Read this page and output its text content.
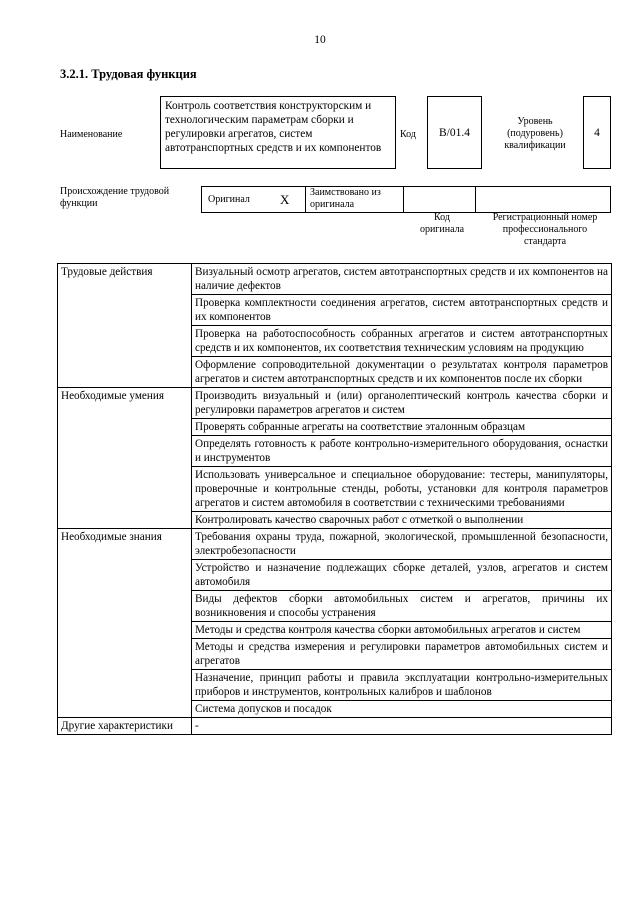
10
3.2.1. Трудовая функция
Наименование
Контроль соответствия конструкторским и технологическим параметрам сборки и регулировки агрегатов, систем автотранспортных средств и их компонентов
Код	B/01.4
Уровень (подуровень) квалификации
4
Происхождение трудовой функции	Оригинал X Заимствовано из оригинала
Код оригинала
Регистрационный номер профессионального стандарта
Трудовые действия	Визуальный осмотр агрегатов, систем автотранспортных средств и их компонентов на наличие дефектов
	Проверка комплектности соединения агрегатов, систем автотранспортных средств и их компонентов
	Проверка на работоспособность собранных агрегатов и систем автотранспортных средств и их компонентов, их соответствия техническим условиям на продукцию
	Оформление сопроводительной документации о результатах контроля параметров агрегатов и систем автотранспортных средств и их компонентов после их сборки
Необходимые умения	Производить визуальный и (или) органолептический контроль качества сборки и регулировки параметров агрегатов и систем
	Проверять собранные агрегаты на соответствие эталонным образцам
	Определять готовность к работе контрольно-измерительного оборудования, оснастки и инструментов
	Использовать универсальное и специальное оборудование: тестеры, манипуляторы, проверочные и контрольные стенды, роботы, установки для контроля параметров агрегатов и систем автомобиля в соответствии с техническими требованиями
	Контролировать качество сварочных работ с отметкой о выполнении
Необходимые знания	Требования охраны труда, пожарной, экологической, промышленной безопасности, электробезопасности
	Устройство и назначение подлежащих сборке деталей, узлов, агрегатов и систем автомобиля
	Виды дефектов сборки автомобильных систем и агрегатов, причины их возникновения и способы устранения
	Методы и средства контроля качества сборки автомобильных агрегатов и систем
	Методы и средства измерения и регулировки параметров автомобильных систем и агрегатов
	Назначение, принцип работы и правила эксплуатации контрольно-измерительных приборов и инструментов, контрольных калибров и шаблонов
	Система допусков и посадок
Другие характеристики	-
